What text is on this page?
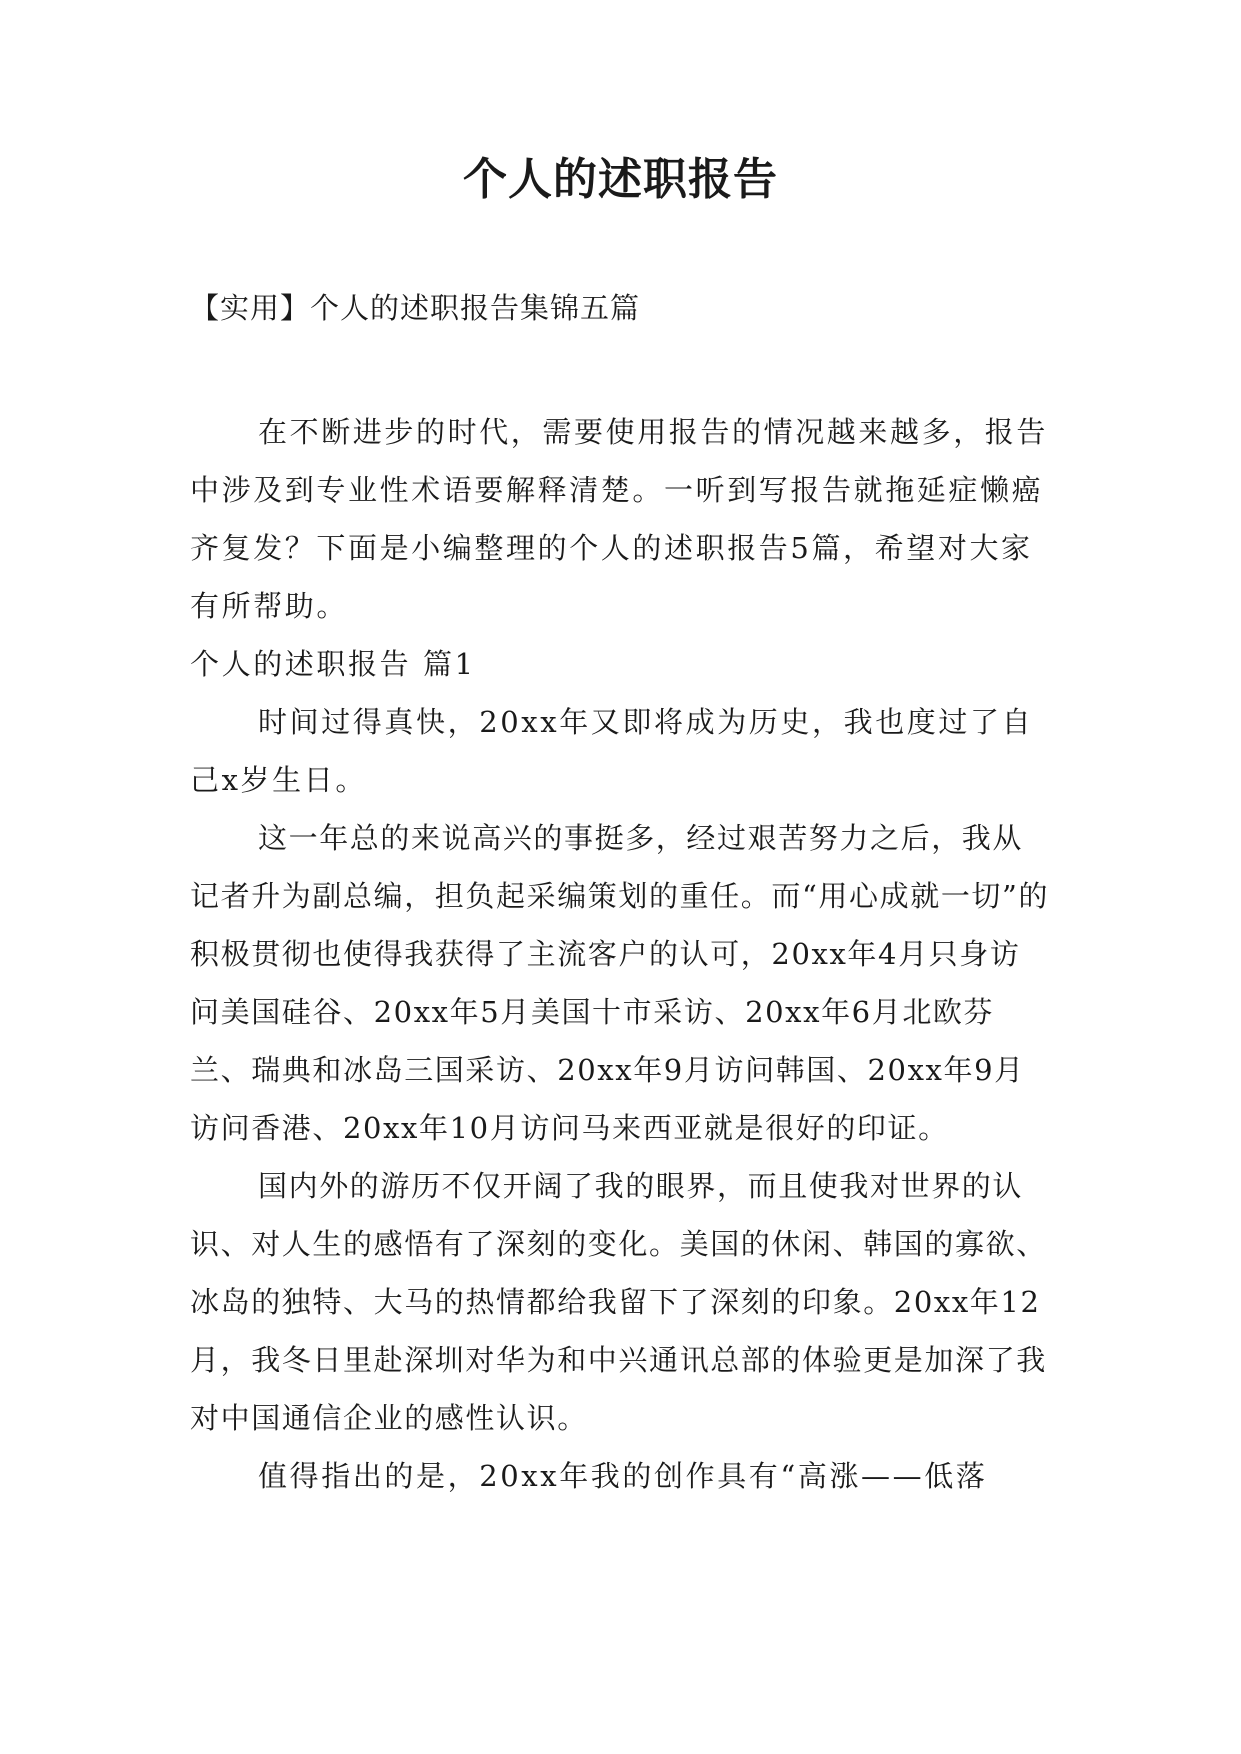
个人的述职报告
【实用】个人的述职报告集锦五篇

在不断进步的时代，需要使用报告的情况越来越多，报告中涉及到专业性术语要解释清楚。一听到写报告就拖延症懒癌齐复发？下面是小编整理的个人的述职报告5篇，希望对大家有所帮助。

个人的述职报告 篇1

时间过得真快，20xx年又即将成为历史，我也度过了自己x岁生日。

这一年总的来说高兴的事挺多，经过艰苦努力之后，我从记者升为副总编，担负起采编策划的重任。而“用心成就一切”的积极贯彻也使得我获得了主流客户的认可，20xx年4月只身访问美国硅谷、20xx年5月美国十市采访、20xx年6月北欧芬兰、瑞典和冰岛三国采访、20xx年9月访问韩国、20xx年9月访问香港、20xx年10月访问马来西亚就是很好的印证。

国内外的游历不仅开阔了我的眼界，而且使我对世界的认识、对人生的感悟有了深刻的变化。美国的休闲、韩国的寡欲、冰岛的独特、大马的热情都给我留下了深刻的印象。20xx年12月，我冬日里赴深圳对华为和中兴通讯总部的体验更是加深了我对中国通信企业的感性认识。

值得指出的是，20xx年我的创作具有“高涨——低落
